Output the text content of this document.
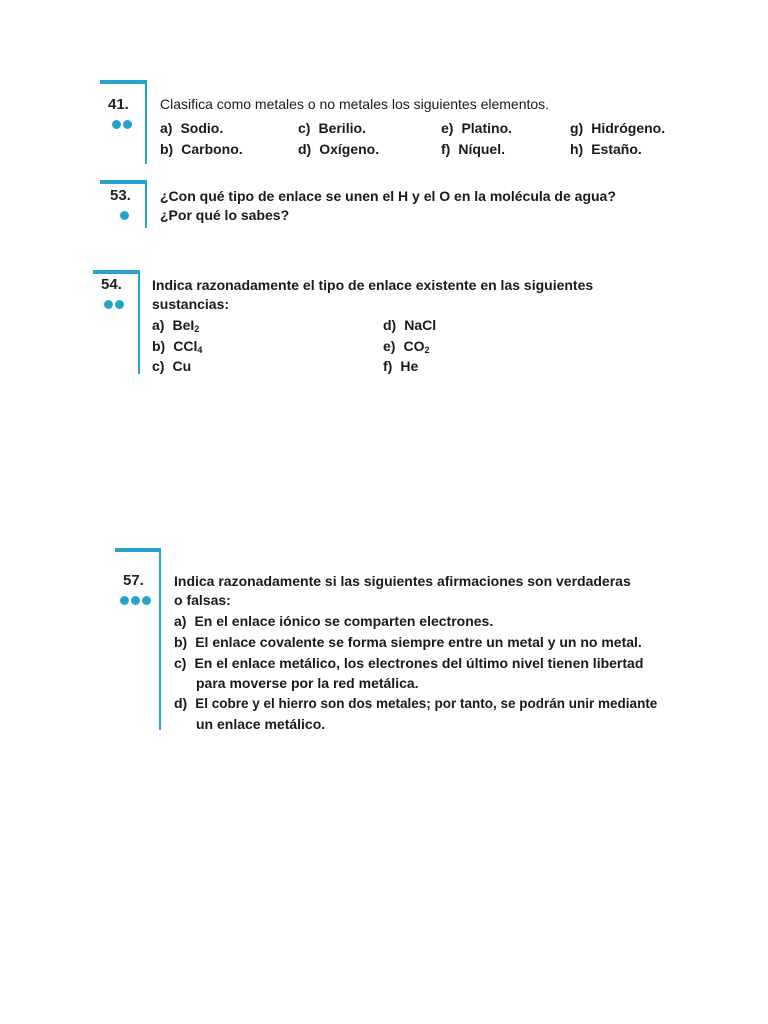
41. Clasifica como metales o no metales los siguientes elementos.
a) Sodio.	c) Berilio.	e) Platino.	g) Hidrógeno.
b) Carbono.	d) Oxígeno.	f) Níquel.	h) Estaño.
53. ¿Con qué tipo de enlace se unen el H y el O en la molécula de agua?
¿Por qué lo sabes?
54. Indica razonadamente el tipo de enlace existente en las siguientes
sustancias:
a) BeI$_2$	d) NaCl
b) CCl$_4$	e) $CO_2$
c) Cu	f) He
57. Indica razonadamente si las siguientes afirmaciones son verdaderas
o falsas:
a) En el enlace iónico se comparten electrones.
b) El enlace covalente se forma siempre entre un metal y un no metal.
c) En el enlace metálico, los electrones del último nivel tienen libertad
para moverse por la red metálica.
d) El cobre y el hierro son dos metales; por tanto, se podrán unir mediante
un enlace metálico.
